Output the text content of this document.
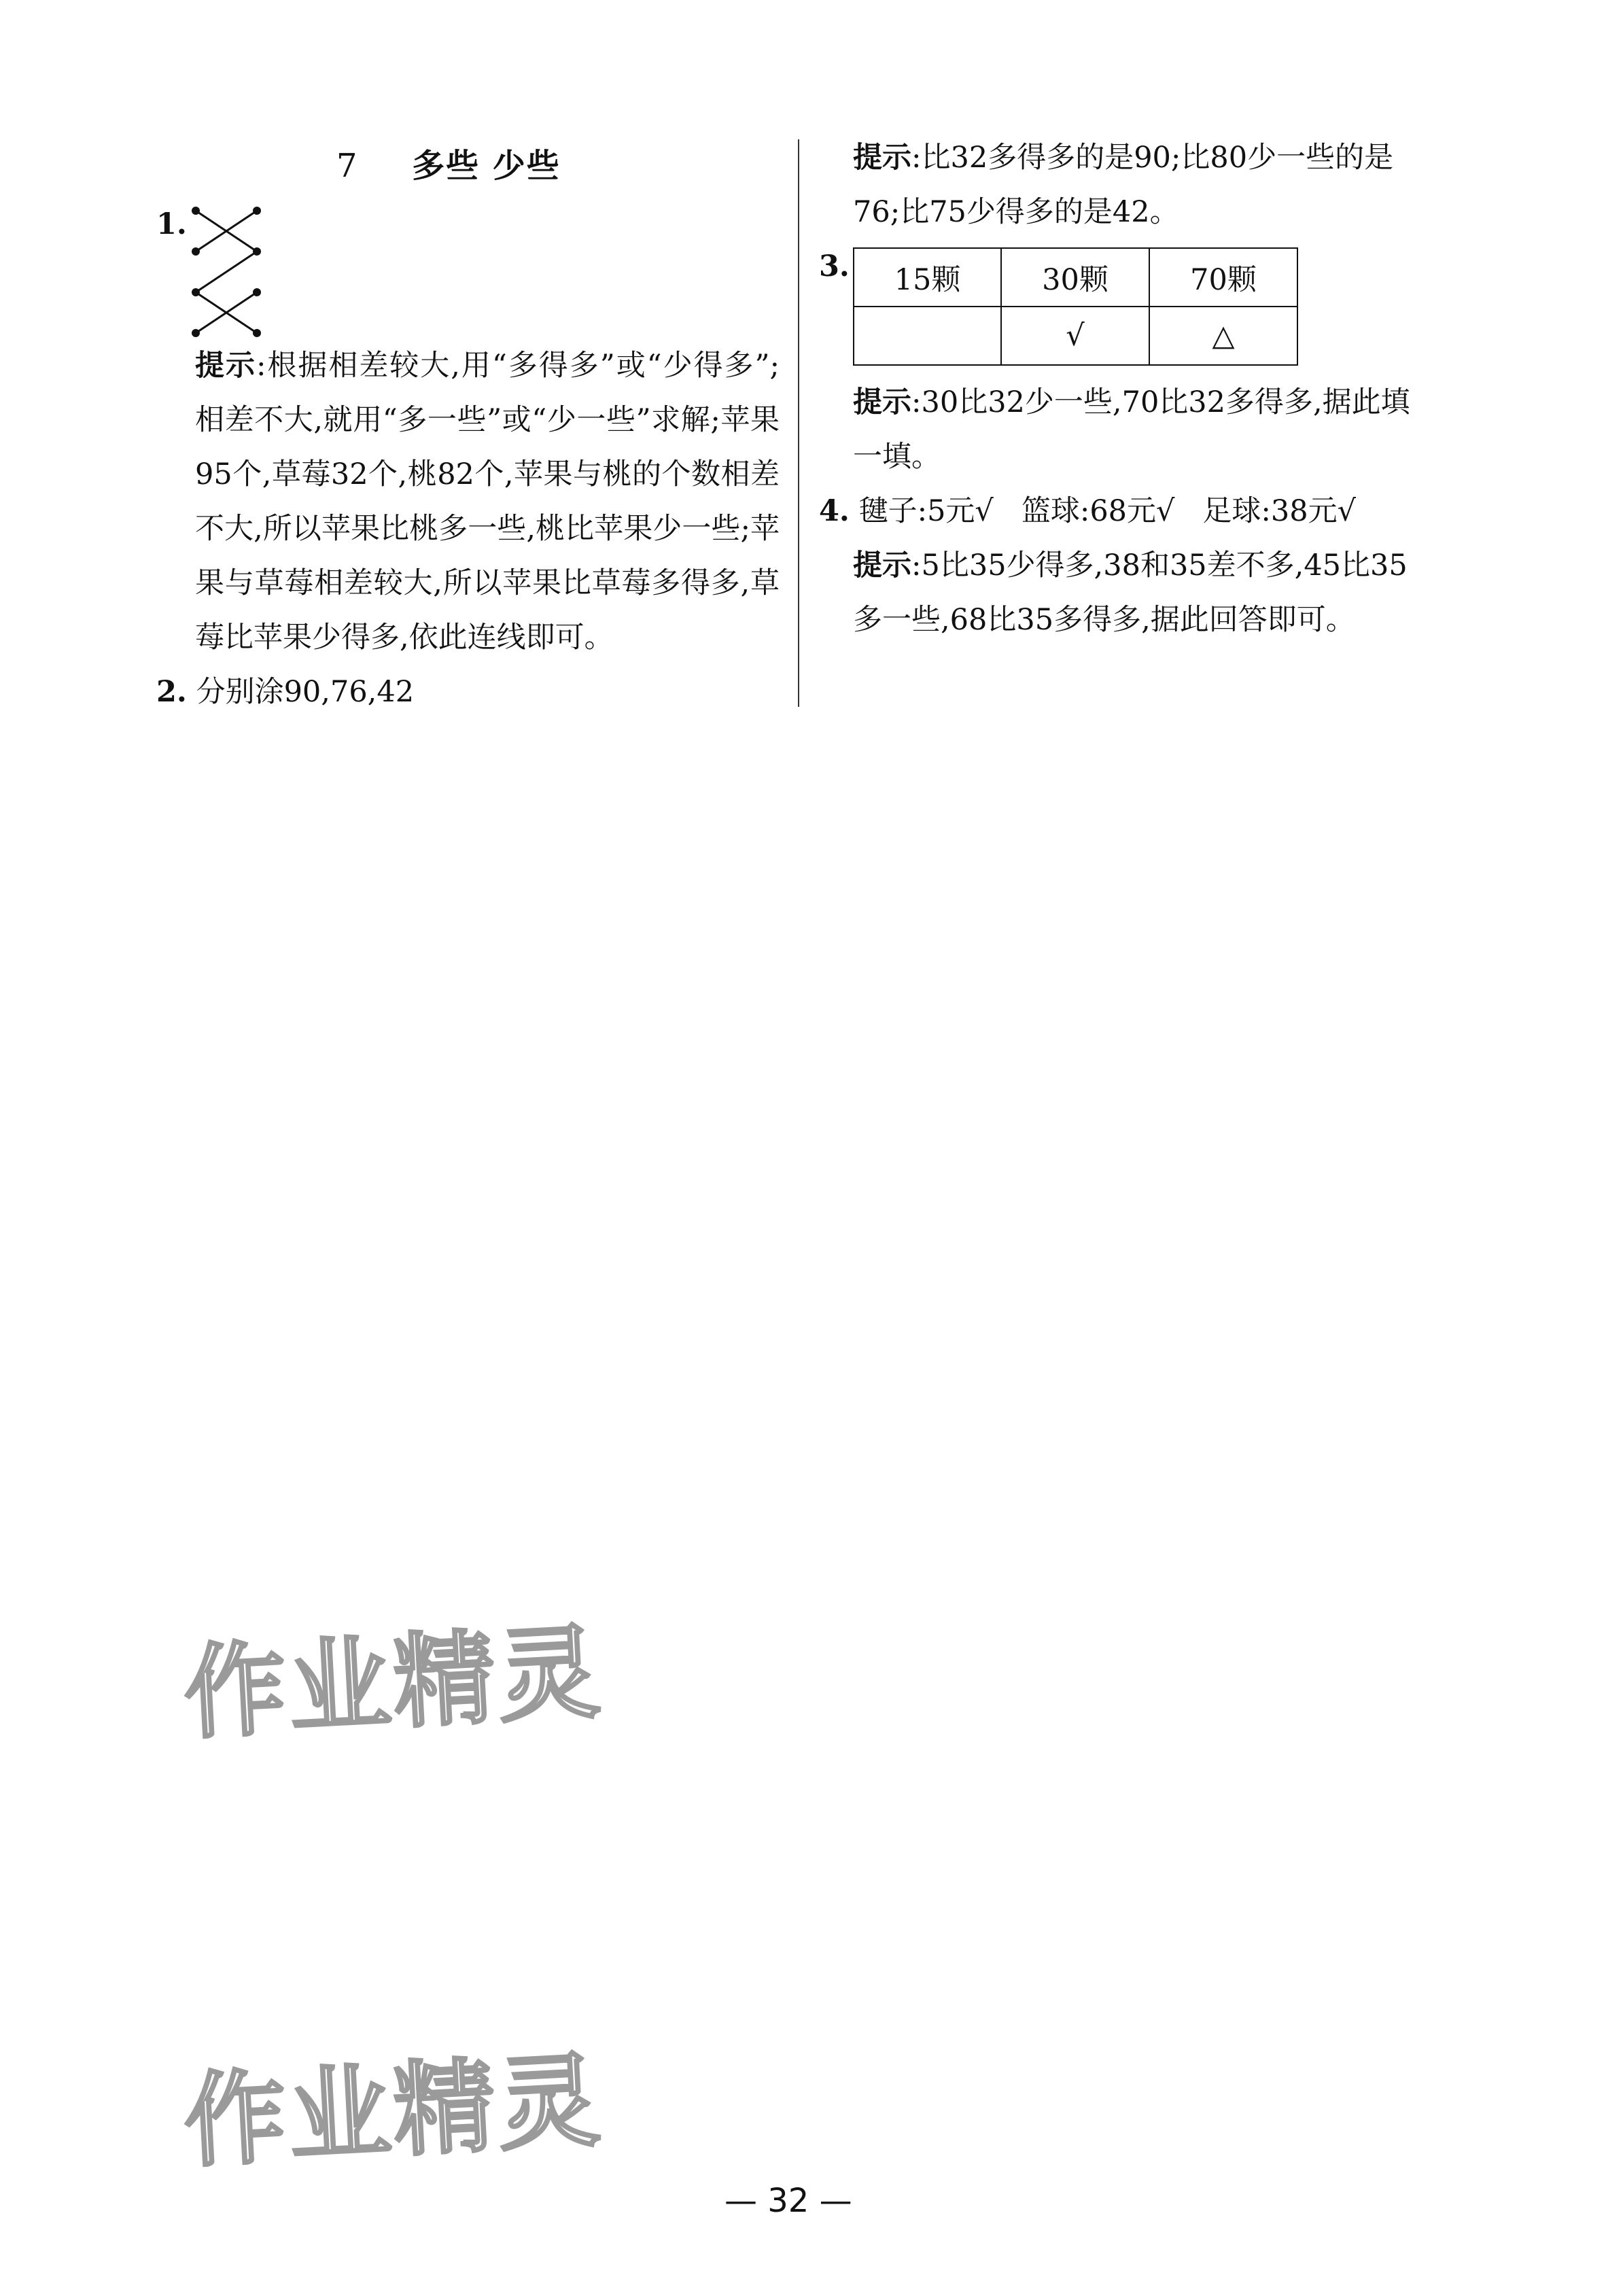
7 多些 少些
1.
提示:根据相差较大,用“多得多”或“少得多”;相差不大,就用“多一些”或“少一些”求解;苹果95个,草莓32个,桃82个,苹果与桃的个数相差不大,所以苹果比桃多一些,桃比苹果少一些;苹果与草莓相差较大,所以苹果比草莓多得多,草莓比苹果少得多,依此连线即可。
2. 分别涂90,76,42
提示:比32多得多的是90;比80少一些的是
76;比75少得多的是42。
3. 15颗	30颗	70颗
	√	△
提示:30比32少一些,70比32多得多,据此填
一填。
4. 毽子:5元√   篮球:68元√   足球:38元√
提示:5比35少得多,38和35差不多,45比35
多一些,68比35多得多,据此回答即可。
作业精灵
作业精灵
— 32 —
